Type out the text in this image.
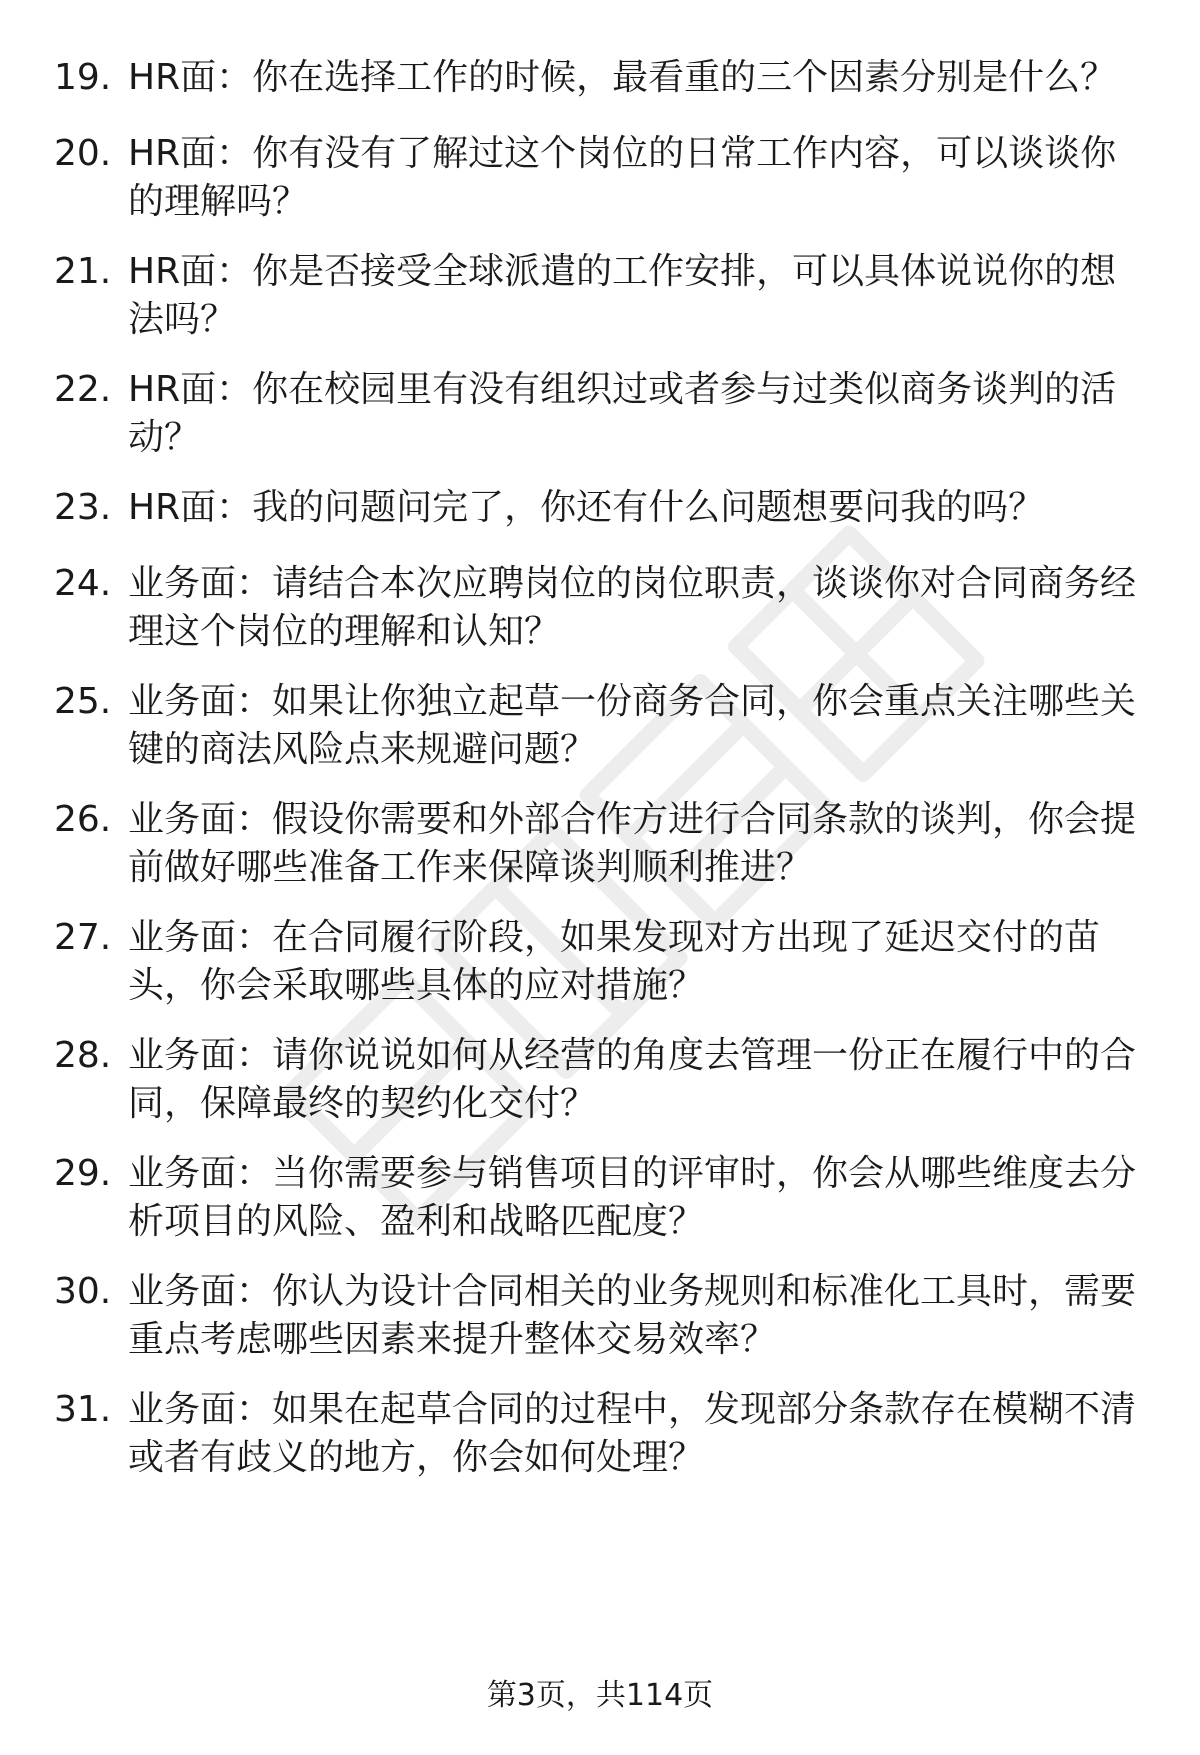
19. HR面：你在选择工作的时候，最看重的三个因素分别是什么？
20. HR面：你有没有了解过这个岗位的日常工作内容，可以谈谈你的理解吗？
21. HR面：你是否接受全球派遣的工作安排，可以具体说说你的想法吗？
22. HR面：你在校园里有没有组织过或者参与过类似商务谈判的活动？
23. HR面：我的问题问完了，你还有什么问题想要问我的吗？
24. 业务面：请结合本次应聘岗位的岗位职责，谈谈你对合同商务经理这个岗位的理解和认知？
25. 业务面：如果让你独立起草一份商务合同，你会重点关注哪些关键的商法风险点来规避问题？
26. 业务面：假设你需要和外部合作方进行合同条款的谈判，你会提前做好哪些准备工作来保障谈判顺利推进？
27. 业务面：在合同履行阶段，如果发现对方出现了延迟交付的苗头，你会采取哪些具体的应对措施？
28. 业务面：请你说说如何从经营的角度去管理一份正在履行中的合同，保障最终的契约化交付？
29. 业务面：当你需要参与销售项目的评审时，你会从哪些维度去分析项目的风险、盈利和战略匹配度？
30. 业务面：你认为设计合同相关的业务规则和标准化工具时，需要重点考虑哪些因素来提升整体交易效率？
31. 业务面：如果在起草合同的过程中，发现部分条款存在模糊不清或者有歧义的地方，你会如何处理？
第3页，共114页
